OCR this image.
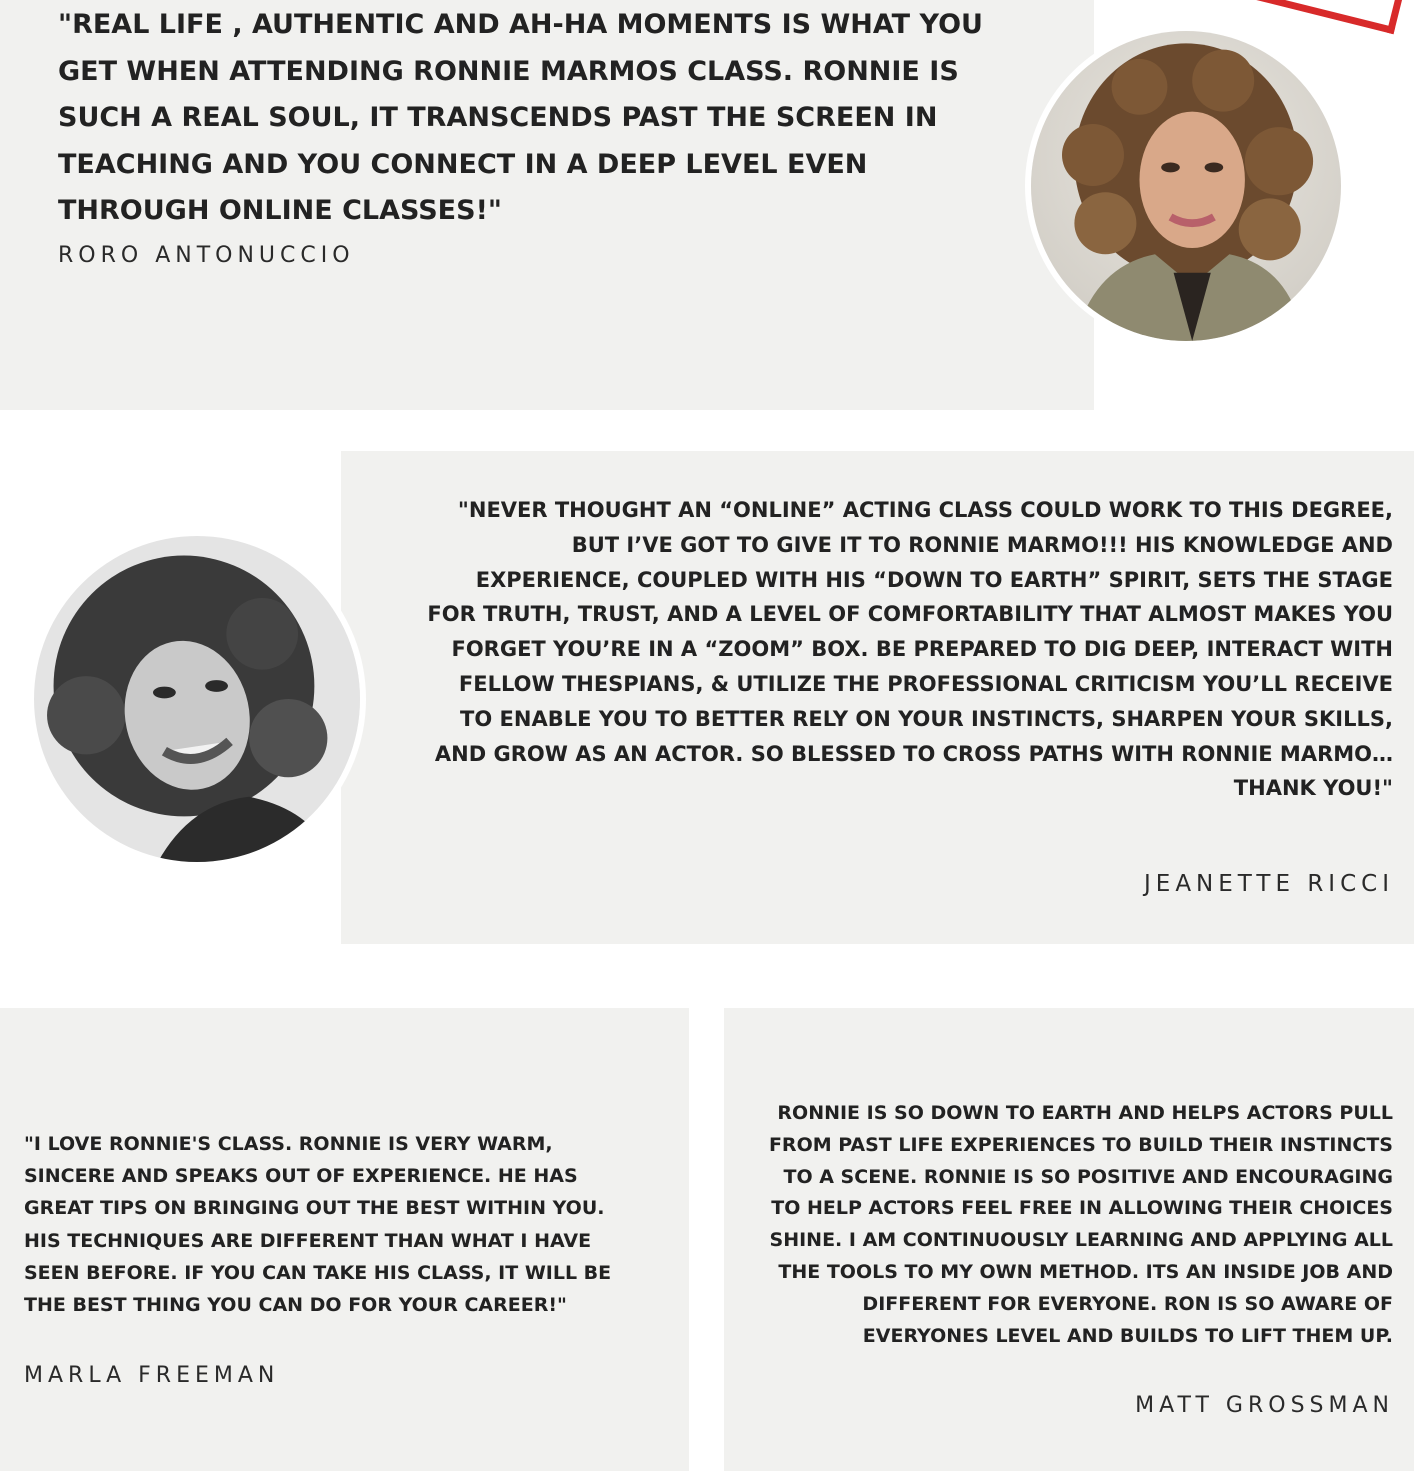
"REAL LIFE , AUTHENTIC AND AH-HA MOMENTS IS WHAT YOU GET WHEN ATTENDING RONNIE MARMOS CLASS. RONNIE IS SUCH A REAL SOUL, IT TRANSCENDS PAST THE SCREEN IN TEACHING AND YOU CONNECT IN A DEEP LEVEL EVEN THROUGH ONLINE CLASSES!"

RORO ANTONUCCIO

"NEVER THOUGHT AN “ONLINE” ACTING CLASS COULD WORK TO THIS DEGREE, BUT I’VE GOT TO GIVE IT TO RONNIE MARMO!!! HIS KNOWLEDGE AND EXPERIENCE, COUPLED WITH HIS “DOWN TO EARTH” SPIRIT, SETS THE STAGE FOR TRUTH, TRUST, AND A LEVEL OF COMFORTABILITY THAT ALMOST MAKES YOU FORGET YOU’RE IN A “ZOOM” BOX. BE PREPARED TO DIG DEEP, INTERACT WITH FELLOW THESPIANS, & UTILIZE THE PROFESSIONAL CRITICISM YOU’LL RECEIVE TO ENABLE YOU TO BETTER RELY ON YOUR INSTINCTS, SHARPEN YOUR SKILLS, AND GROW AS AN ACTOR. SO BLESSED TO CROSS PATHS WITH RONNIE MARMO…THANK YOU!"

JEANETTE RICCI

"I LOVE RONNIE'S CLASS. RONNIE IS VERY WARM, SINCERE AND SPEAKS OUT OF EXPERIENCE. HE HAS GREAT TIPS ON BRINGING OUT THE BEST WITHIN YOU. HIS TECHNIQUES ARE DIFFERENT THAN WHAT I HAVE SEEN BEFORE. IF YOU CAN TAKE HIS CLASS, IT WILL BE THE BEST THING YOU CAN DO FOR YOUR CAREER!"

MARLA FREEMAN

RONNIE IS SO DOWN TO EARTH AND HELPS ACTORS PULL FROM PAST LIFE EXPERIENCES TO BUILD THEIR INSTINCTS TO A SCENE. RONNIE IS SO POSITIVE AND ENCOURAGING TO HELP ACTORS FEEL FREE IN ALLOWING THEIR CHOICES SHINE. I AM CONTINUOUSLY LEARNING AND APPLYING ALL THE TOOLS TO MY OWN METHOD. ITS AN INSIDE JOB AND DIFFERENT FOR EVERYONE. RON IS SO AWARE OF EVERYONES LEVEL AND BUILDS TO LIFT THEM UP.

MATT GROSSMAN
